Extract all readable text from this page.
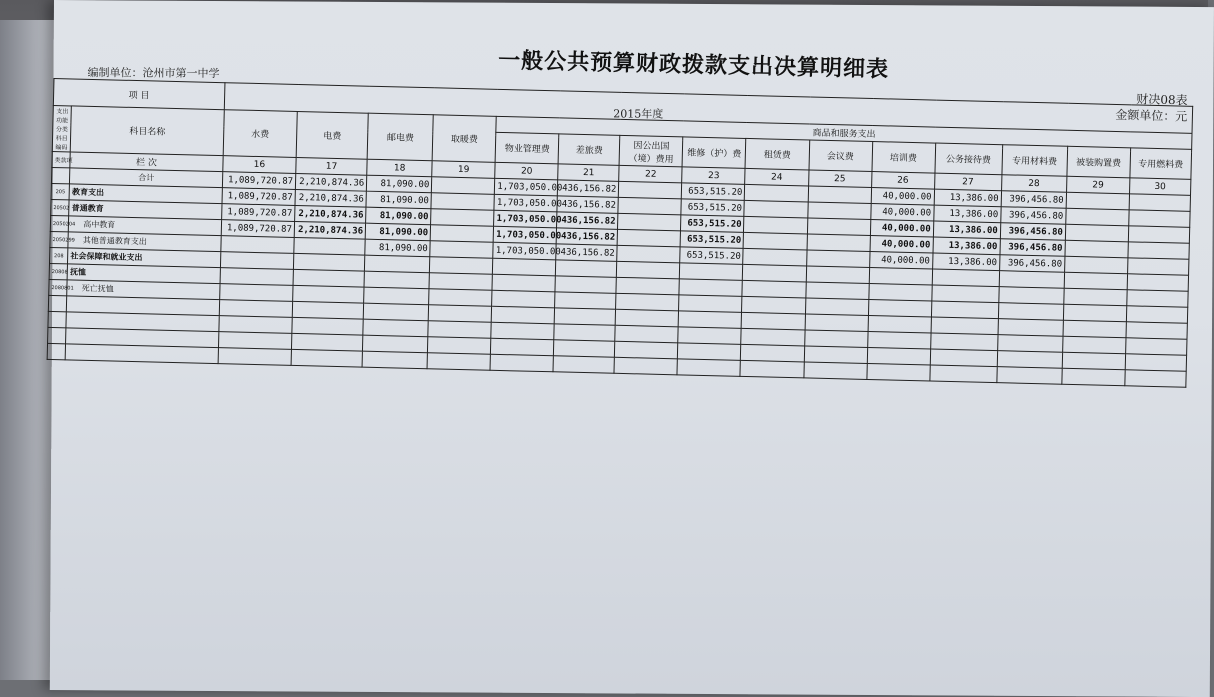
一般公共预算财政拨款支出决算明细表
编制单位：沧州市第一中学
财决08表
金额单位：元
2015年度
项 目																
支出功能分类科目编码	科目名称	水费	电费	邮电费	取暖费	商品和服务支出										
						物业管理费	差旅费	因公出国（境）费用	维修（护）费	租赁费	会议费	培训费	公务接待费	专用材料费	被装购置费	专用燃料费

类款项	栏 次	16	17	18	19	20	21	22	23	24	25	26	27	28	29	30
	合计	1,089,720.87	2,210,874.36	81,090.00		1,703,050.00	436,156.82		653,515.20			40,000.00	13,386.00	396,456.80		
205	教育支出	1,089,720.87	2,210,874.36	81,090.00		1,703,050.00	436,156.82		653,515.20			40,000.00	13,386.00	396,456.80		
20502	普通教育	1,089,720.87	2,210,874.36	81,090.00		1,703,050.00	436,156.82		653,515.20			40,000.00	13,386.00	396,456.80		
2050204	高中教育	1,089,720.87	2,210,874.36	81,090.00		1,703,050.00	436,156.82		653,515.20			40,000.00	13,386.00	396,456.80		
2050299	其他普通教育支出			81,090.00		1,703,050.00	436,156.82		653,515.20			40,000.00	13,386.00	396,456.80		
208	社会保障和就业支出															
20808	抚恤															
2080801	死亡抚恤															
